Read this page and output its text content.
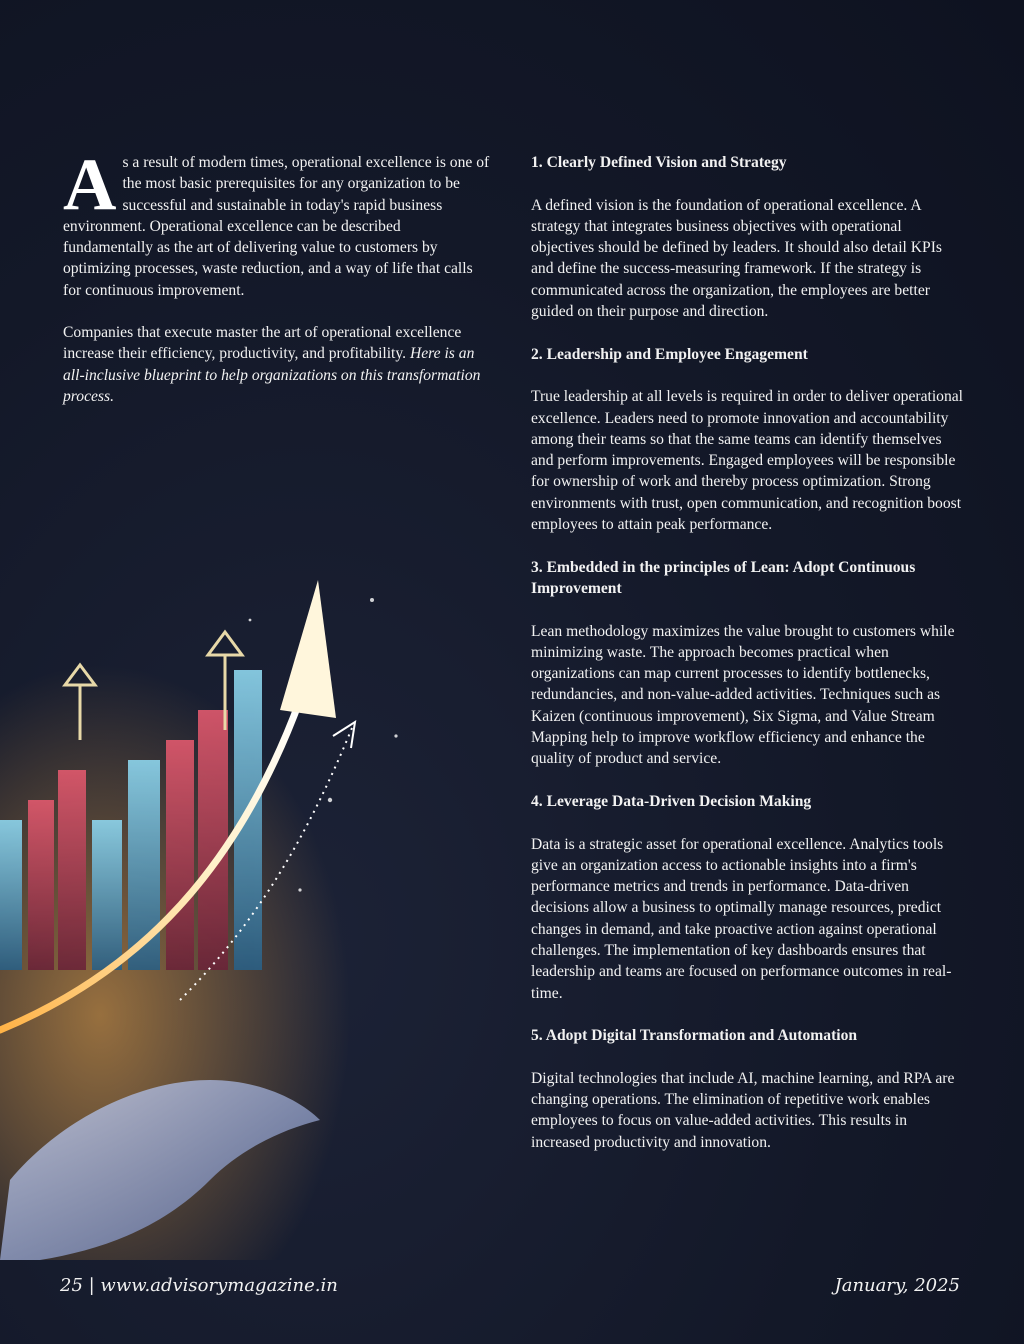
As a result of modern times, operational excellence is one of the most basic prerequisites for any organization to be successful and sustainable in today's rapid business environment. Operational excellence can be described fundamentally as the art of delivering value to customers by optimizing processes, waste reduction, and a way of life that calls for continuous improvement.

Companies that execute master the art of operational excellence increase their efficiency, productivity, and profitability. Here is an all-inclusive blueprint to help organizations on this transformation process.

1. Clearly Defined Vision and Strategy

A defined vision is the foundation of operational excellence. A strategy that integrates business objectives with operational objectives should be defined by leaders. It should also detail KPIs and define the success-measuring framework. If the strategy is communicated across the organization, the employees are better guided on their purpose and direction.

2. Leadership and Employee Engagement

True leadership at all levels is required in order to deliver operational excellence. Leaders need to promote innovation and accountability among their teams so that the same teams can identify themselves and perform improvements. Engaged employees will be responsible for ownership of work and thereby process optimization. Strong environments with trust, open communication, and recognition boost employees to attain peak performance.

3. Embedded in the principles of Lean: Adopt Continuous Improvement

Lean methodology maximizes the value brought to customers while minimizing waste. The approach becomes practical when organizations can map current processes to identify bottlenecks, redundancies, and non-value-added activities. Techniques such as Kaizen (continuous improvement), Six Sigma, and Value Stream Mapping help to improve workflow efficiency and enhance the quality of product and service.

4. Leverage Data-Driven Decision Making

Data is a strategic asset for operational excellence. Analytics tools give an organization access to actionable insights into a firm's performance metrics and trends in performance. Data-driven decisions allow a business to optimally manage resources, predict changes in demand, and take proactive action against operational challenges. The implementation of key dashboards ensures that leadership and teams are focused on performance outcomes in real-time.

5. Adopt Digital Transformation and Automation

Digital technologies that include AI, machine learning, and RPA are changing operations. The elimination of repetitive work enables employees to focus on value-added activities. This results in increased productivity and innovation.

25 | www.advisorymagazine.in	January, 2025
